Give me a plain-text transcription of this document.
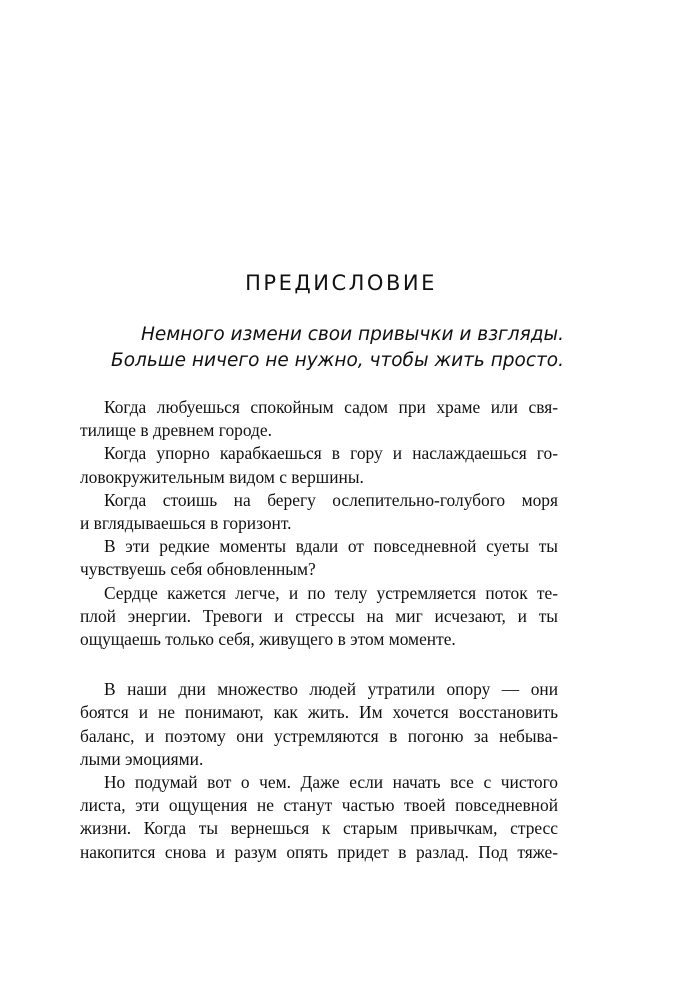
ПРЕДИСЛОВИЕ
Немного измени свои привычки и взгляды.
Больше ничего не нужно, чтобы жить просто.

Когда любуешься спокойным садом при храме или свя-
тилище в древнем городе.

Когда упорно карабкаешься в гору и наслаждаешься го-
ловокружительным видом с вершины.

Когда стоишь на берегу ослепительно-голубого моря
и вглядываешься в горизонт.

В эти редкие моменты вдали от повседневной суеты ты
чувствуешь себя обновленным?

Сердце кажется легче, и по телу устремляется поток те-
плой энергии. Тревоги и стрессы на миг исчезают, и ты
ощущаешь только себя, живущего в этом моменте.

В наши дни множество людей утратили опору — они
боятся и не понимают, как жить. Им хочется восстановить
баланс, и поэтому они устремляются в погоню за небыва-
лыми эмоциями.

Но подумай вот о чем. Даже если начать все с чистого
листа, эти ощущения не станут частью твоей повседневной
жизни. Когда ты вернешься к старым привычкам, стресс
накопится снова и разум опять придет в разлад. Под тяже-
